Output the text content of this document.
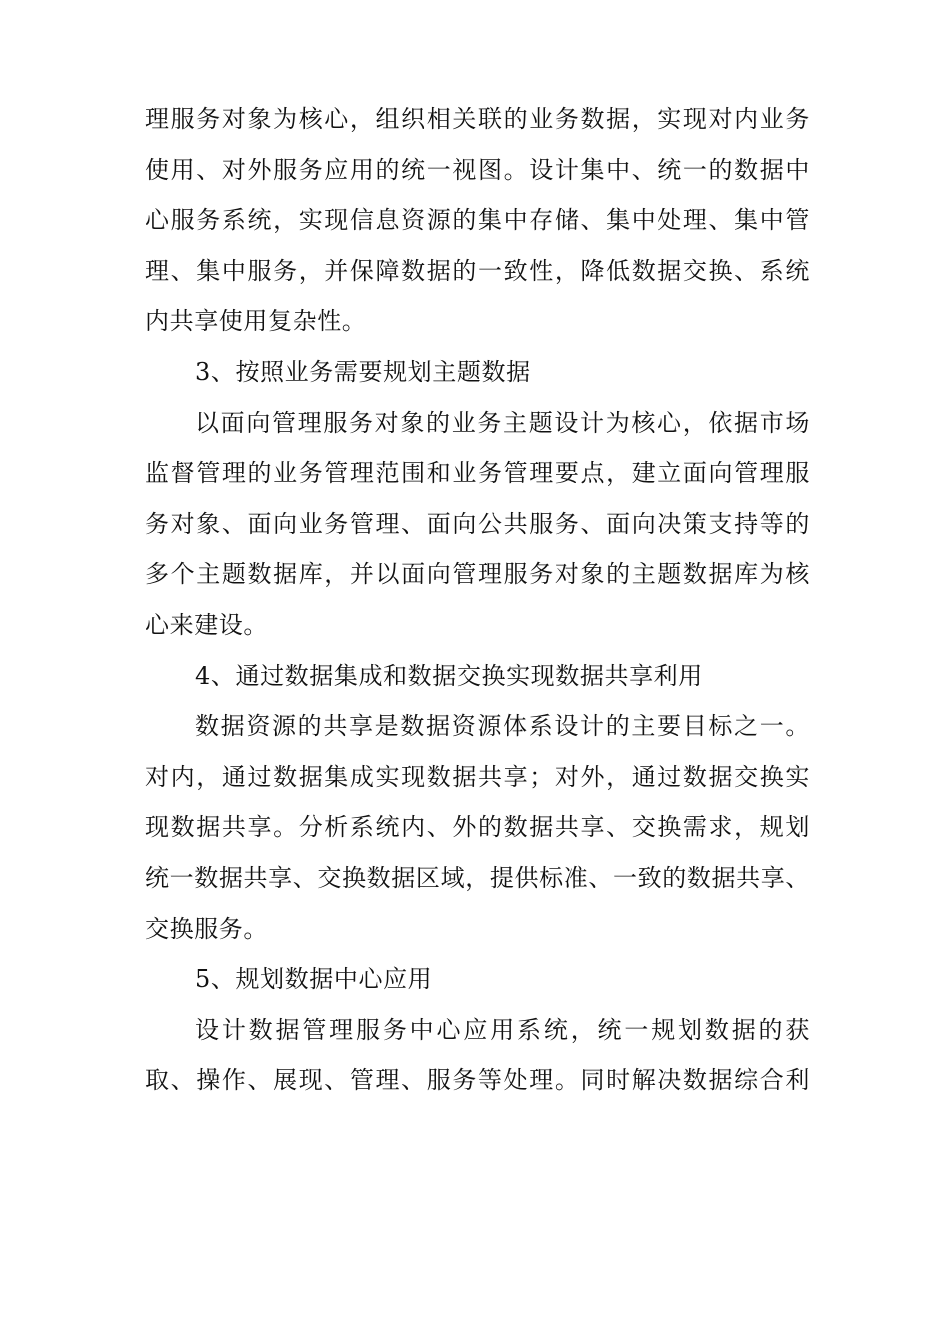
理服务对象为核心，组织相关联的业务数据，实现对内业务
使用、对外服务应用的统一视图。设计集中、统一的数据中
心服务系统，实现信息资源的集中存储、集中处理、集中管
理、集中服务，并保障数据的一致性，降低数据交换、系统
内共享使用复杂性。
3、按照业务需要规划主题数据
以面向管理服务对象的业务主题设计为核心，依据市场
监督管理的业务管理范围和业务管理要点，建立面向管理服
务对象、面向业务管理、面向公共服务、面向决策支持等的
多个主题数据库，并以面向管理服务对象的主题数据库为核
心来建设。
4、通过数据集成和数据交换实现数据共享利用
数据资源的共享是数据资源体系设计的主要目标之一。
对内，通过数据集成实现数据共享；对外，通过数据交换实
现数据共享。分析系统内、外的数据共享、交换需求，规划
统一数据共享、交换数据区域，提供标准、一致的数据共享、
交换服务。
5、规划数据中心应用
设计数据管理服务中心应用系统，统一规划数据的获
取、操作、展现、管理、服务等处理。同时解决数据综合利
